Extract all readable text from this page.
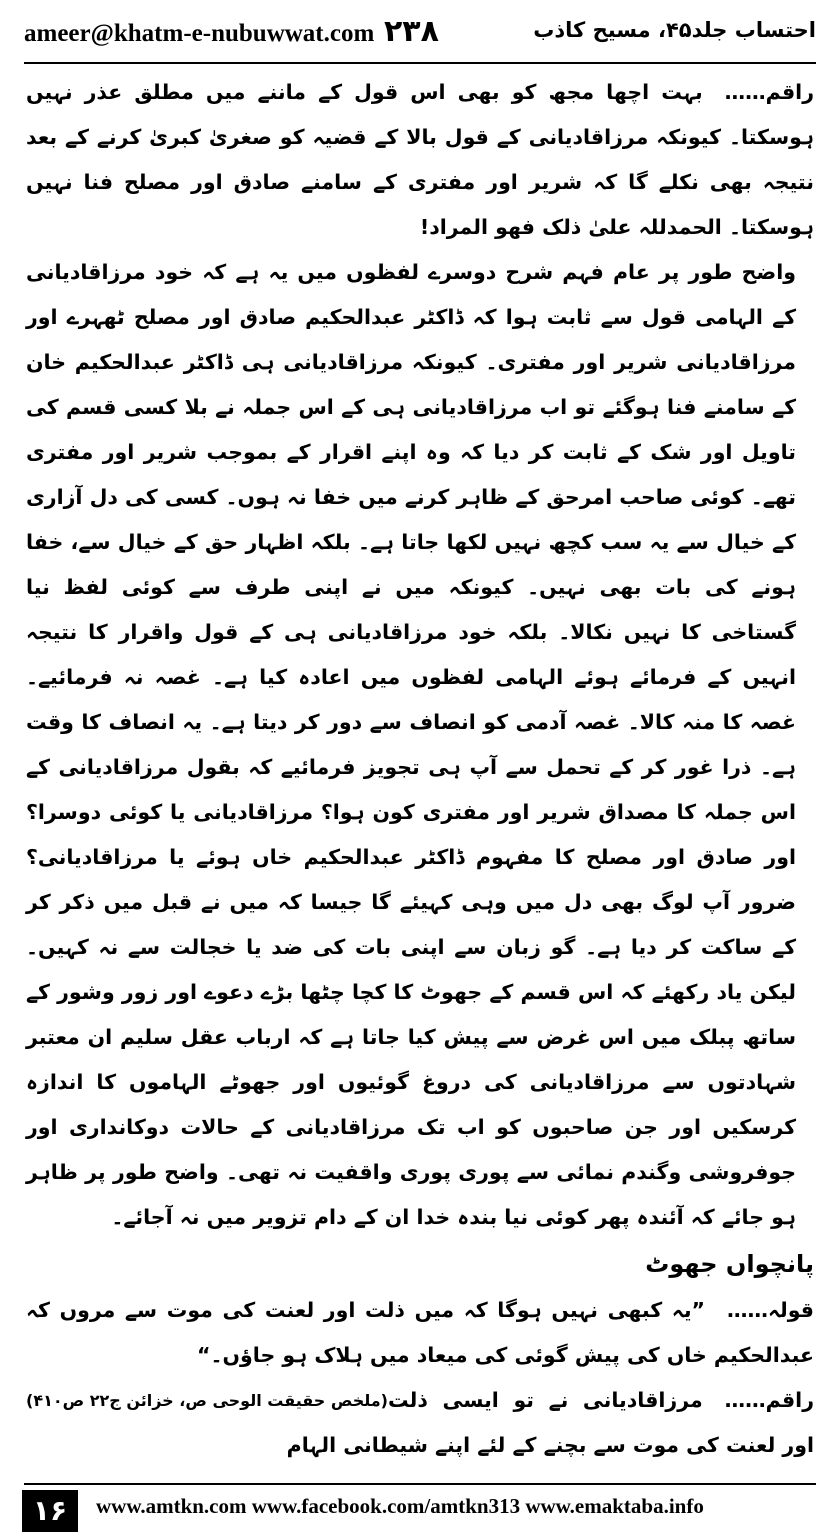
ameer@khatm-e-nubuwwat.com ۲۳۸	احتساب جلد۴۵، مسیح کاذب

راقم……بہت اچھا مجھ کو بھی اس قول کے ماننے میں مطلق عذر نہیں ہوسکتا۔ کیونکہ مرزاقادیانی کے قول بالا کے قضیہ کو صغریٰ کبریٰ کرنے کے بعد نتیجہ بھی نکلے گا کہ شریر اور مفتری کے سامنے صادق اور مصلح فنا نہیں ہوسکتا۔ الحمدللہ علیٰ ذلک فھو المراد!

واضح طور پر عام فہم شرح دوسرے لفظوں میں یہ ہے کہ خود مرزاقادیانی کے الہامی قول سے ثابت ہوا کہ ڈاکٹر عبدالحکیم صادق اور مصلح ٹھہرے اور مرزاقادیانی شریر اور مفتری۔ کیونکہ مرزاقادیانی ہی ڈاکٹر عبدالحکیم خان کے سامنے فنا ہوگئے تو اب مرزاقادیانی ہی کے اس جملہ نے بلا کسی قسم کی تاویل اور شک کے ثابت کر دیا کہ وہ اپنے اقرار کے بموجب شریر اور مفتری تھے۔ کوئی صاحب امرحق کے ظاہر کرنے میں خفا نہ ہوں۔ کسی کی دل آزاری کے خیال سے یہ سب کچھ نہیں لکھا جاتا ہے۔ بلکہ اظہار حق کے خیال سے، خفا ہونے کی بات بھی نہیں۔ کیونکہ میں نے اپنی طرف سے کوئی لفظ نیا گستاخی کا نہیں نکالا۔ بلکہ خود مرزاقادیانی ہی کے قول واقرار کا نتیجہ انہیں کے فرمائے ہوئے الہامی لفظوں میں اعادہ کیا ہے۔ غصہ نہ فرمائیے۔ غصہ کا منہ کالا۔ غصہ آدمی کو انصاف سے دور کر دیتا ہے۔ یہ انصاف کا وقت ہے۔ ذرا غور کر کے تحمل سے آپ ہی تجویز فرمائیے کہ بقول مرزاقادیانی کے اس جملہ کا مصداق شریر اور مفتری کون ہوا؟ مرزاقادیانی یا کوئی دوسرا؟ اور صادق اور مصلح کا مفہوم ڈاکٹر عبدالحکیم خاں ہوئے یا مرزاقادیانی؟ ضرور آپ لوگ بھی دل میں وہی کہیئے گا جیسا کہ میں نے قبل میں ذکر کر کے ساکت کر دیا ہے۔ گو زبان سے اپنی بات کی ضد یا خجالت سے نہ کہیں۔ لیکن یاد رکھئے کہ اس قسم کے جھوٹ کا کچا چٹھا بڑے دعوے اور زور وشور کے ساتھ پبلک میں اس غرض سے پیش کیا جاتا ہے کہ ارباب عقل سلیم ان معتبر شہادتوں سے مرزاقادیانی کی دروغ گوئیوں اور جھوٹے الہاموں کا اندازہ کرسکیں اور جن صاحبوں کو اب تک مرزاقادیانی کے حالات دوکانداری اور جوفروشی وگندم نمائی سے پوری پوری واقفیت نہ تھی۔ واضح طور پر ظاہر ہو جائے کہ آئندہ پھر کوئی نیا بندہ خدا ان کے دام تزویر میں نہ آجائے۔

پانچواں جھوٹ

قولہ……”یہ کبھی نہیں ہوگا کہ میں ذلت اور لعنت کی موت سے مروں کہ عبدالحکیم خاں کی پیش گوئی کی میعاد میں ہلاک ہو جاؤں۔“
(ملخص حقیقت الوحی ص، خزائن ج۲۲ ص۴۱۰)	راقم……مرزاقادیانی نے تو ایسی ذلت اور لعنت کی موت سے بچنے کے لئے اپنے شیطانی الہام

۱۶	www.amtkn.com www.facebook.com/amtkn313 www.emaktaba.info
